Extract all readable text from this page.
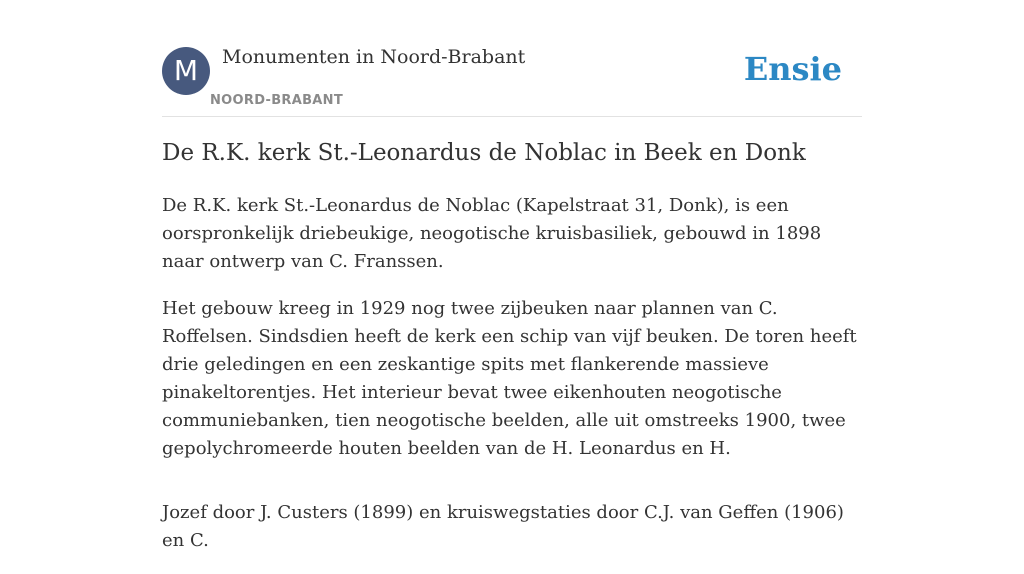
M	Monumenten in Noord-Brabant
NOORD-BRABANT
Ensie
De R.K. kerk St.-Leonardus de Noblac in Beek en Donk

De R.K. kerk St.-Leonardus de Noblac (Kapelstraat 31, Donk), is een oorspronkelijk driebeukige, neogotische kruisbasiliek, gebouwd in 1898 naar ontwerp van C. Franssen.

Het gebouw kreeg in 1929 nog twee zijbeuken naar plannen van C. Roffelsen. Sindsdien heeft de kerk een schip van vijf beuken. De toren heeft drie geledingen en een zeskantige spits met flankerende massieve pinakeltorentjes. Het interieur bevat twee eikenhouten neogotische communiebanken, tien neogotische beelden, alle uit omstreeks 1900, twee gepolychromeerde houten beelden van de H. Leonardus en H.

Jozef door J. Custers (1899) en kruiswegstaties door C.J. van Geffen (1906) en C.
